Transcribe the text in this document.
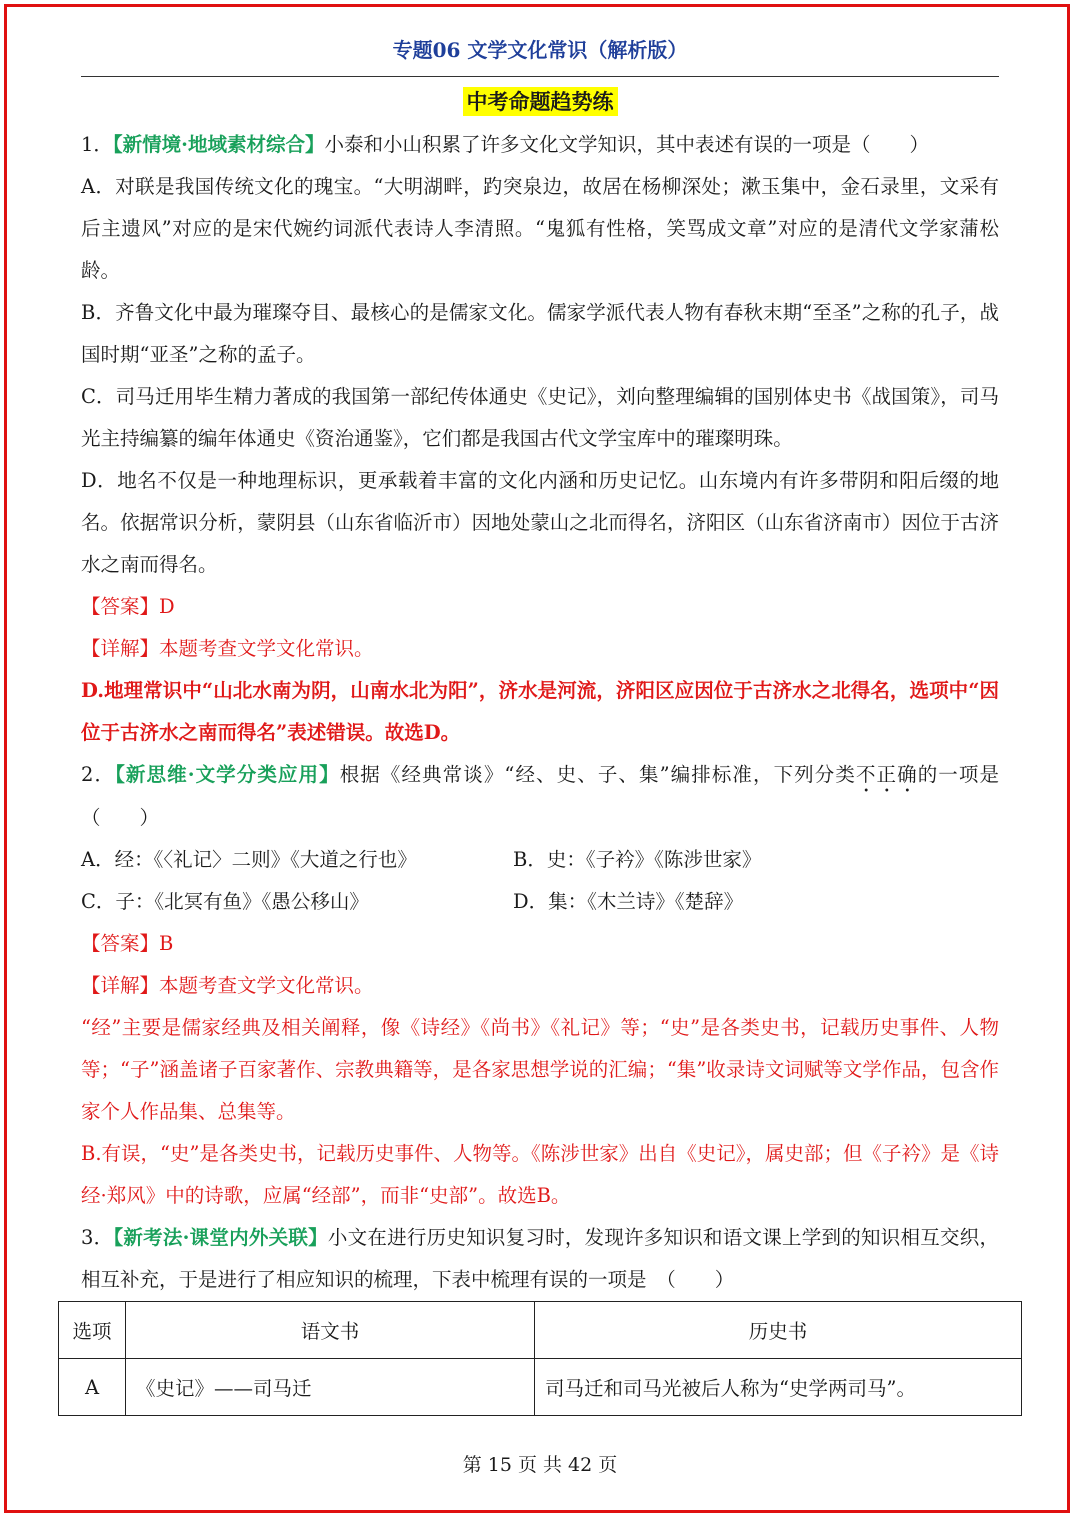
专题06 文学文化常识（解析版）
中考命题趋势练

1．【新情境·地域素材综合】小泰和小山积累了许多文化文学知识，其中表述有误的一项是（　　）

A．对联是我国传统文化的瑰宝。“大明湖畔，趵突泉边，故居在杨柳深处；漱玉集中，金石录里，文采有后主遗风”对应的是宋代婉约词派代表诗人李清照。“鬼狐有性格，笑骂成文章”对应的是清代文学家蒲松龄。

B．齐鲁文化中最为璀璨夺目、最核心的是儒家文化。儒家学派代表人物有春秋末期“至圣”之称的孔子，战国时期“亚圣”之称的孟子。

C．司马迁用毕生精力著成的我国第一部纪传体通史《史记》，刘向整理编辑的国别体史书《战国策》，司马光主持编纂的编年体通史《资治通鉴》，它们都是我国古代文学宝库中的璀璨明珠。

D．地名不仅是一种地理标识，更承载着丰富的文化内涵和历史记忆。山东境内有许多带阴和阳后缀的地名。依据常识分析，蒙阴县（山东省临沂市）因地处蒙山之北而得名，济阳区（山东省济南市）因位于古济水之南而得名。

【答案】D

【详解】本题考查文学文化常识。

D.地理常识中“山北水南为阴，山南水北为阳”，济水是河流，济阳区应因位于古济水之北得名，选项中“因位于古济水之南而得名”表述错误。故选D。

2．【新思维·文学分类应用】根据《经典常谈》“经、史、子、集”编排标准，下列分类不正确的一项是（　　）

A．经：《〈礼记〉二则》《大道之行也》	B．史：《子衿》《陈涉世家》
C．子：《北冥有鱼》《愚公移山》	D．集：《木兰诗》《楚辞》

【答案】B

【详解】本题考查文学文化常识。

“经”主要是儒家经典及相关阐释，像《诗经》《尚书》《礼记》等；“史”是各类史书，记载历史事件、人物等；“子”涵盖诸子百家著作、宗教典籍等，是各家思想学说的汇编；“集”收录诗文词赋等文学作品，包含作家个人作品集、总集等。

B.有误，“史”是各类史书，记载历史事件、人物等。《陈涉世家》出自《史记》，属史部；但《子衿》是《诗经·郑风》中的诗歌，应属“经部”，而非“史部”。故选B。

3．【新考法·课堂内外关联】小文在进行历史知识复习时，发现许多知识和语文课上学到的知识相互交织，相互补充，于是进行了相应知识的梳理，下表中梳理有误的一项是　（　　）

选项	语文书	历史书
A	《史记》——司马迁	司马迁和司马光被后人称为“史学两司马”。
第 15 页 共 42 页
